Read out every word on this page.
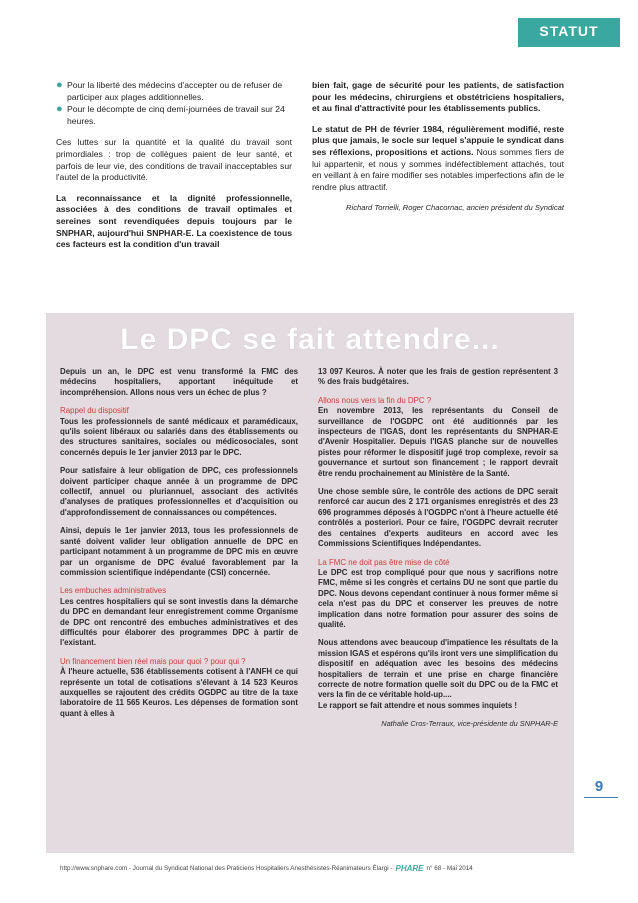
STATUT
● Pour la liberté des médecins d'accepter ou de refuser de participer aux plages additionnelles.
● Pour le décompte de cinq demi-journées de travail sur 24 heures.

Ces luttes sur la quantité et la qualité du travail sont primordiales : trop de collègues paient de leur santé, et parfois de leur vie, des conditions de travail inacceptables sur l'autel de la productivité.

La reconnaissance et la dignité professionnelle, associées à des conditions de travail optimales et sereines sont revendiquées depuis toujours par le SNPHAR, aujourd'hui SNPHAR-E. La coexistence de tous ces facteurs est la condition d'un travail

bien fait, gage de sécurité pour les patients, de satisfaction pour les médecins, chirurgiens et obstétriciens hospitaliers, et au final d'attractivité pour les établissements publics.

Le statut de PH de février 1984, régulièrement modifié, reste plus que jamais, le socle sur lequel s'appuie le syndicat dans ses réflexions, propositions et actions. Nous sommes fiers de lui appartenir, et nous y sommes indéfectiblement attachés, tout en veillant à en faire modifier ses notables imperfections afin de le rendre plus attractif.

Richard Torrielli, Roger Chacornac, ancien président du Syndicat
Le DPC se fait attendre...

Depuis un an, le DPC est venu transformé la FMC des médecins hospitaliers, apportant inéquitude et incompréhension. Allons nous vers un échec de plus ?

Rappel du dispositif

Tous les professionnels de santé médicaux et paramédicaux, qu'ils soient libéraux ou salariés dans des établissements ou des structures sanitaires, sociales ou médicosociales, sont concernés depuis le 1er janvier 2013 par le DPC.

Pour satisfaire à leur obligation de DPC, ces professionnels doivent participer chaque année à un programme de DPC collectif, annuel ou pluriannuel, associant des activités d'analyses de pratiques professionnelles et d'acquisition ou d'approfondissement de connaissances ou compétences.

Ainsi, depuis le 1er janvier 2013, tous les professionnels de santé doivent valider leur obligation annuelle de DPC en participant notamment à un programme de DPC mis en œuvre par un organisme de DPC évalué favorablement par la commission scientifique indépendante (CSI) concernée.

Les embuches administratives

Les centres hospitaliers qui se sont investis dans la démarche du DPC en demandant leur enregistrement comme Organisme de DPC ont rencontré des embuches administratives et des difficultés pour élaborer des programmes DPC à partir de l'existant.

Un financement bien réel mais pour quoi ? pour qui ?

À l'heure actuelle, 536 établissements cotisent à l'ANFH ce qui représente un total de cotisations s'élevant à 14 523 Keuros auxquelles se rajoutent des crédits OGDPC au titre de la taxe laboratoire de 11 565 Keuros. Les dépenses de formation sont quant à elles à

13 097 Keuros. À noter que les frais de gestion représentent 3 % des frais budgétaires.

Allons nous vers la fin du DPC ?

En novembre 2013, les représentants du Conseil de surveillance de l'OGDPC ont été auditionnés par les inspecteurs de l'IGAS, dont les représentants du SNPHAR-E d'Avenir Hospitalier. Depuis l'IGAS planche sur de nouvelles pistes pour réformer le dispositif jugé trop complexe, revoir sa gouvernance et surtout son financement ; le rapport devrait être rendu prochainement au Ministère de la Santé.

Une chose semble sûre, le contrôle des actions de DPC serait renforcé car aucun des 2 171 organismes enregistrés et des 23 696 programmes déposés à l'OGDPC n'ont à l'heure actuelle été contrôlés a posteriori. Pour ce faire, l'OGDPC devrait recruter des centaines d'experts auditeurs en accord avec les Commissions Scientifiques Indépendantes.

La FMC ne doit pas être mise de côté

Le DPC est trop compliqué pour que nous y sacrifions notre FMC, même si les congrès et certains DU ne sont que partie du DPC. Nous devons cependant continuer à nous former même si cela n'est pas du DPC et conserver les preuves de notre implication dans notre formation pour assurer des soins de qualité.

Nous attendons avec beaucoup d'impatience les résultats de la mission IGAS et espérons qu'ils iront vers une simplification du dispositif en adéquation avec les besoins des médecins hospitaliers de terrain et une prise en charge financière correcte de notre formation quelle soit du DPC ou de la FMC et vers la fin de ce véritable hold-up....

Le rapport se fait attendre et nous sommes inquiets !

Nathalie Cros-Terraux, vice-présidente du SNPHAR-E
9
http://www.snphare.com - Journal du Syndicat National des Praticiens Hospitaliers Anesthésistes-Réanimateurs Élargi - PHARE n° 68 - Mai 2014
